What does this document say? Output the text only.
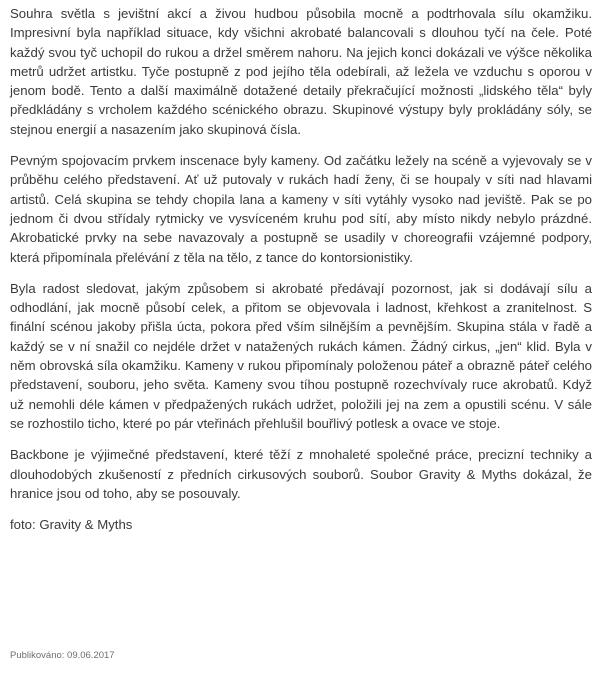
Souhra světla s jevištní akcí a živou hudbou působila mocně a podtrhovala sílu okamžiku. Impresivní byla například situace, kdy všichni akrobaté balancovali s dlouhou tyčí na čele. Poté každý svou tyč uchopil do rukou a držel směrem nahoru. Na jejich konci dokázali ve výšce několika metrů udržet artistku. Tyče postupně z pod jejího těla odebírali, až ležela ve vzduchu s oporou v jenom bodě. Tento a další maximálně dotažené detaily překračující možnosti „lidského těla“ byly předkládány s vrcholem každého scénického obrazu. Skupinové výstupy byly prokládány sóly, se stejnou energií a nasazením jako skupinová čísla.

Pevným spojovacím prvkem inscenace byly kameny. Od začátku ležely na scéně a vyjevovaly se v průběhu celého představení. Ať už putovaly v rukách hadí ženy, či se houpaly v síti nad hlavami artistů. Celá skupina se tehdy chopila lana a kameny v síti vytáhly vysoko nad jeviště. Pak se po jednom či dvou střídaly rytmicky ve vysvíceném kruhu pod sítí, aby místo nikdy nebylo prázdné. Akrobatické prvky na sebe navazovaly a postupně se usadily v choreografii vzájemné podpory, která připomínala přelévání z těla na tělo, z tance do kontorsionistiky.

Byla radost sledovat, jakým způsobem si akrobaté předávají pozornost, jak si dodávají sílu a odhodlání, jak mocně působí celek, a přitom se objevovala i ladnost, křehkost a zranitelnost. S finální scénou jakoby přišla úcta, pokora před vším silnějším a pevnějším. Skupina stála v řadě a každý se v ní snažil co nejdéle držet v natažených rukách kámen. Žádný cirkus, „jen“ klid. Byla v něm obrovská síla okamžiku. Kameny v rukou připomínaly položenou páteř a obrazně páteř celého představení, souboru, jeho světa. Kameny svou tíhou postupně rozechvívaly ruce akrobatů. Když už nemohli déle kámen v předpažených rukách udržet, položili jej na zem a opustili scénu. V sále se rozhostilo ticho, které po pár vteřinách přehlušil bouřlivý potlesk a ovace ve stoje.

Backbone je výjimečné představení, které těží z mnohaleté společné práce, precizní techniky a dlouhodobých zkušeností z předních cirkusových souborů. Soubor Gravity & Myths dokázal, že hranice jsou od toho, aby se posouvaly.

foto: Gravity & Myths

Publikováno: 09.06.2017
